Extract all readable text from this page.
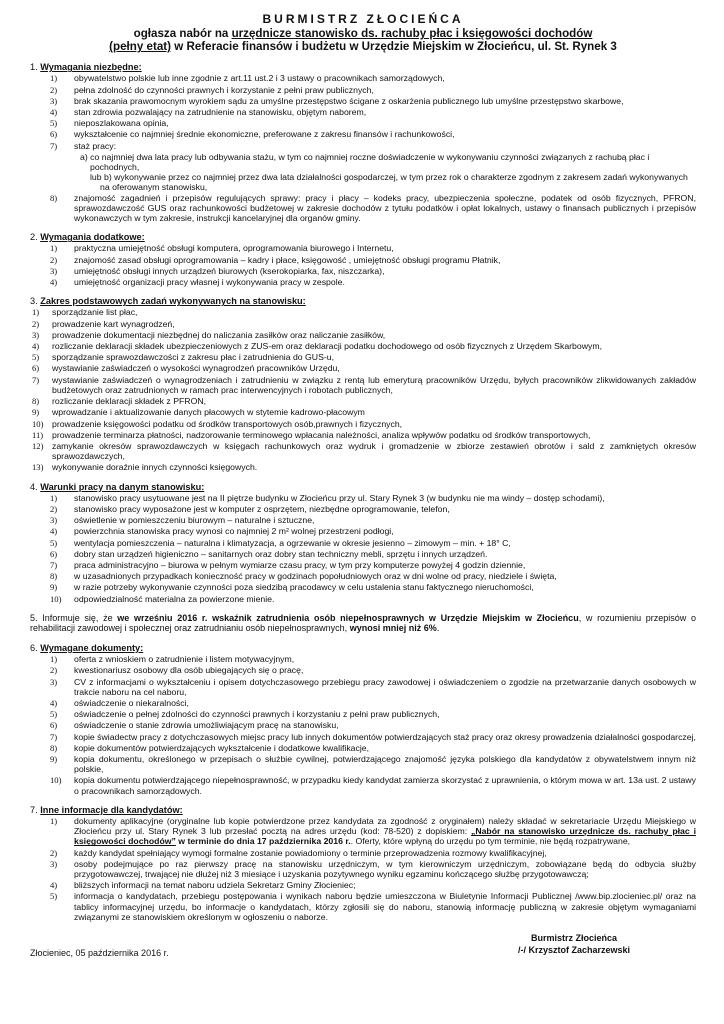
BURMISTRZ ZŁOCIEŃCA
ogłasza nabór na urzędnicze stanowisko ds. rachuby płac i księgowości dochodów
(pełny etat) w Referacie finansów i budżetu w Urzędzie Miejskim w Złocieńcu, ul. St. Rynek 3
1. Wymagania niezbędne:
1) obywatelstwo polskie lub inne zgodnie z art.11 ust.2 i 3 ustawy o pracownikach samorządowych,
2) pełna zdolność do czynności prawnych i korzystanie z pełni praw publicznych,
3) brak skazania prawomocnym wyrokiem sądu za umyślne przestępstwo ścigane z oskarżenia publicznego lub umyślne przestępstwo skarbowe,
4) stan zdrowia pozwalający na zatrudnienie na stanowisku, objętym naborem,
5) nieposzlakowana opinia,
6) wykształcenie co najmniej średnie ekonomiczne, preferowane z zakresu finansów i rachunkowości,
7) staż pracy:
a) co najmniej dwa lata pracy lub odbywania stażu, w tym co najmniej roczne doświadczenie w wykonywaniu czynności związanych z rachubą płac i pochodnych,
lub b) wykonywanie przez co najmniej przez dwa lata działalności gospodarczej, w tym przez rok o charakterze zgodnym z zakresem zadań wykonywanych na oferowanym stanowisku,
8) znajomość zagadnień i przepisów regulujących sprawy: pracy i płacy – kodeks pracy, ubezpieczenia społeczne, podatek od osób fizycznych, PFRON, sprawozdawczość GUS oraz rachunkowości budżetowej w zakresie dochodów z tytułu podatków i opłat lokalnych, ustawy o finansach publicznych i przepisów wykonawczych w tym zakresie, instrukcji kancelaryjnej dla organów gminy.
2. Wymagania dodatkowe:
1) praktyczna umiejętność obsługi komputera, oprogramowania biurowego i Internetu,
2) znajomość zasad obsługi oprogramowania – kadry i płace, księgowość , umiejętność obsługi programu Płatnik,
3) umiejętność obsługi innych urządzeń biurowych (kserokopiarka, fax, niszczarka),
4) umiejętność organizacji pracy własnej i wykonywania pracy w zespole.
3. Zakres podstawowych zadań wykonywanych na stanowisku:
1) sporządzanie list płac,
2) prowadzenie kart wynagrodzeń,
3) prowadzenie dokumentacji niezbędnej do naliczania zasiłków oraz naliczanie zasiłków,
4) rozliczanie deklaracji składek ubezpieczeniowych z ZUS-em oraz deklaracji podatku dochodowego od osób fizycznych z Urzędem Skarbowym,
5) sporządzanie sprawozdawczości z zakresu płac i zatrudnienia do GUS-u,
6) wystawianie zaświadczeń o wysokości wynagrodzeń pracowników Urzędu,
7) wystawianie zaświadczeń o wynagrodzeniach i zatrudnieniu w związku z rentą lub emeryturą pracowników Urzędu, byłych pracowników zlikwidowanych zakładów budżetowych oraz zatrudnionych w ramach prac interwencyjnych i robotach publicznych,
8) rozliczanie deklaracji składek z PFRON,
9) wprowadzanie i aktualizowanie danych płacowych w stytemie kadrowo-płacowym
10) prowadzenie księgowości podatku od środków transportowych osób,prawnych i fizycznych,
11) prowadzenie terminarza płatności, nadzorowanie terminowego wpłacania należności, analiza wpływów podatku od środków transportowych,
12) zamykanie okresów sprawozdawczych w księgach rachunkowych oraz wydruk i gromadzenie w zbiorze zestawień obrotów i sald z zamkniętych okresów sprawozdawczych,
13) wykonywanie doraźnie innych czynności księgowych.
4. Warunki pracy na danym stanowisku:
1) stanowisko pracy usytuowane jest na II piętrze budynku w Złocieńcu przy ul. Stary Rynek 3 (w budynku nie ma windy – dostęp schodami),
2) stanowisko pracy wyposażone jest w komputer z osprzętem, niezbędne oprogramowanie, telefon,
3) oświetlenie w pomieszczeniu biurowym – naturalne i sztuczne,
4) powierzchnia stanowiska pracy wynosi co najmniej 2 m² wolnej przestrzeni podłogi,
5) wentylacja pomieszczenia – naturalna i klimatyzacja, a ogrzewanie w okresie jesienno – zimowym – min. + 18° C,
6) dobry stan urządzeń higieniczno – sanitarnych oraz dobry stan techniczny mebli, sprzętu i innych urządzeń.
7) praca administracyjno – biurowa w pełnym wymiarze czasu pracy, w tym przy komputerze powyżej 4 godzin dziennie,
8) w uzasadnionych przypadkach konieczność pracy w godzinach popołudniowych oraz w dni wolne od pracy, niedziele i święta,
9) w razie potrzeby wykonywanie czynności poza siedzibą pracodawcy w celu ustalenia stanu faktycznego nieruchomości,
10) odpowiedzialność materialna za powierzone mienie.
5. Informuje się, że we wrześniu 2016 r. wskaźnik zatrudnienia osób niepełnosprawnych w Urzędzie Miejskim w Złocieńcu, w rozumieniu przepisów o rehabilitacji zawodowej i społecznej oraz zatrudnianiu osób niepełnosprawnych, wynosi mniej niż 6%.
6. Wymagane dokumenty:
1) oferta z wnioskiem o zatrudnienie i listem motywacyjnym,
2) kwestionariusz osobowy dla osób ubiegających się o pracę,
3) CV z informacjami o wykształceniu i opisem dotychczasowego przebiegu pracy zawodowej i oświadczeniem o zgodzie na przetwarzanie danych osobowych w trakcie naboru na cel naboru,
4) oświadczenie o niekaralności,
5) oświadczenie o pełnej zdolności do czynności prawnych i korzystaniu z pełni praw publicznych,
6) oświadczenie o stanie zdrowia umożliwiającym pracę na stanowisku,
7) kopie świadectw pracy z dotychczasowych miejsc pracy lub innych dokumentów potwierdzających staż pracy oraz okresy prowadzenia działalności gospodarczej,
8) kopie dokumentów potwierdzających wykształcenie i dodatkowe kwalifikacje,
9) kopia dokumentu, określonego w przepisach o służbie cywilnej, potwierdzającego znajomość języka polskiego dla kandydatów z obywatelstwem innym niż polskie,
10) kopia dokumentu potwierdzającego niepełnosprawność, w przypadku kiedy kandydat zamierza skorzystać z uprawnienia, o którym mowa w art. 13a ust. 2 ustawy o pracownikach samorządowych.
7. Inne informacje dla kandydatów:
1) dokumenty aplikacyjne (oryginalne lub kopie potwierdzone przez kandydata za zgodność z oryginałem) należy składać w sekretariacie Urzędu Miejskiego w Złocieńcu przy ul. Stary Rynek 3 lub przesłać pocztą na adres urzędu (kod: 78-520) z dopiskiem: „Nabór na stanowisko urzędnicze ds. rachuby płac i księgowości dochodów” w terminie do dnia 17 października 2016 r.. Oferty, które wpłyną do urzędu po tym terminie, nie będą rozpatrywane,
2) każdy kandydat spełniający wymogi formalne zostanie powiadomiony o terminie przeprowadzenia rozmowy kwalifikacyjnej,
3) osoby podejmujące po raz pierwszy pracę na stanowisku urzędniczym, w tym kierowniczym urzędniczym, zobowiązane będą do odbycia służby przygotowawczej, trwającej nie dłużej niż 3 miesiące i uzyskania pozytywnego wyniku egzaminu kończącego służbę przygotowawczą;
4) bliższych informacji na temat naboru udziela Sekretarz Gminy Złocieniec;
5) informacja o kandydatach, przebiegu postępowania i wynikach naboru będzie umieszczona w Biuletynie Informacji Publicznej /www.bip.zlocieniec.pl/ oraz na tablicy informacyjnej urzędu, bo informacje o kandydatach, którzy zgłosili się do naboru, stanowią informację publiczną w zakresie objętym wymaganiami związanymi ze stanowiskiem określonym w ogłoszeniu o naborze.
Złocieniec, 05 października 2016 r.
Burmistrz Złocieńca
/-/ Krzysztof Zacharzewski
